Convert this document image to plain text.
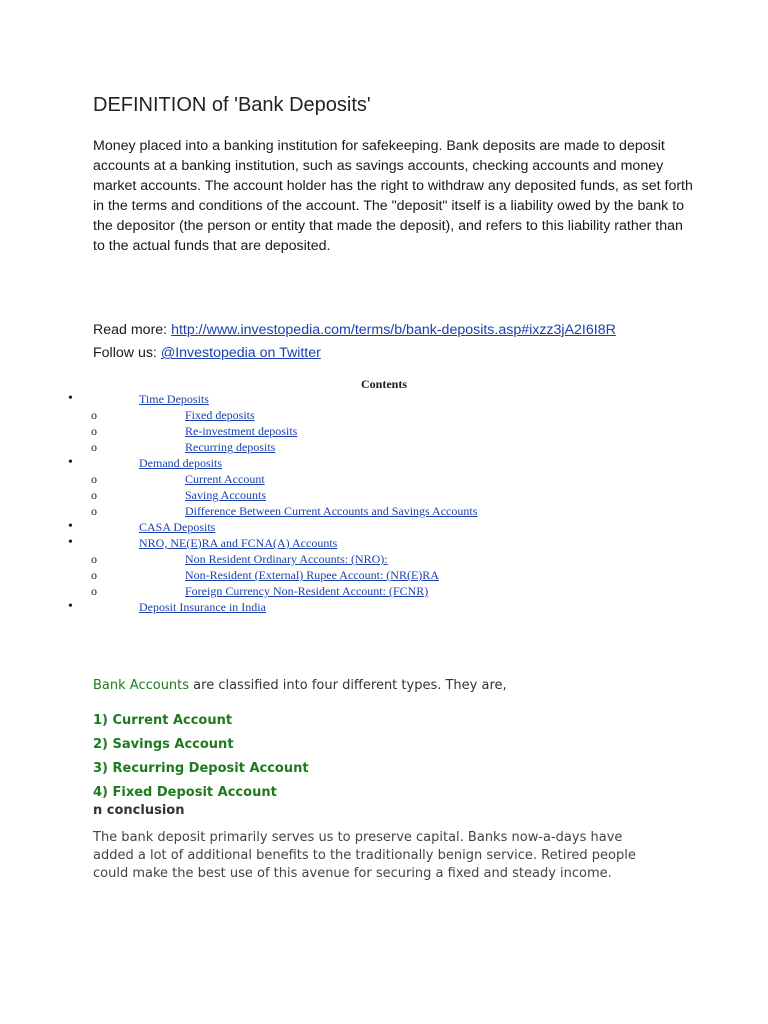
DEFINITION of 'Bank Deposits'

Money placed into a banking institution for safekeeping. Bank deposits are made to deposit accounts at a banking institution, such as savings accounts, checking accounts and money market accounts. The account holder has the right to withdraw any deposited funds, as set forth in the terms and conditions of the account. The "deposit" itself is a liability owed by the bank to the depositor (the person or entity that made the deposit), and refers to this liability rather than to the actual funds that are deposited.

Read more: http://www.investopedia.com/terms/b/bank-deposits.asp#ixzz3jA2I6I8R

Follow us: @Investopedia on Twitter

Contents
•	Time Deposits
o	Fixed deposits
o	Re-investment deposits
o	Recurring deposits
•	Demand deposits
o	Current Account
o	Saving Accounts
o	Difference Between Current Accounts and Savings Accounts
•	CASA Deposits
•	NRO, NE(E)RA and FCNA(A) Accounts
o	Non Resident Ordinary Accounts: (NRO):
o	Non-Resident (External) Rupee Account: (NR(E)RA
o	Foreign Currency Non-Resident Account: (FCNR)
•	Deposit Insurance in India

Bank Accounts are classified into four different types. They are,

1) Current Account

2) Savings Account

3) Recurring Deposit Account

4) Fixed Deposit Account

n conclusion

The bank deposit primarily serves us to preserve capital. Banks now-a-days have added a lot of additional benefits to the traditionally benign service. Retired people could make the best use of this avenue for securing a fixed and steady income.
